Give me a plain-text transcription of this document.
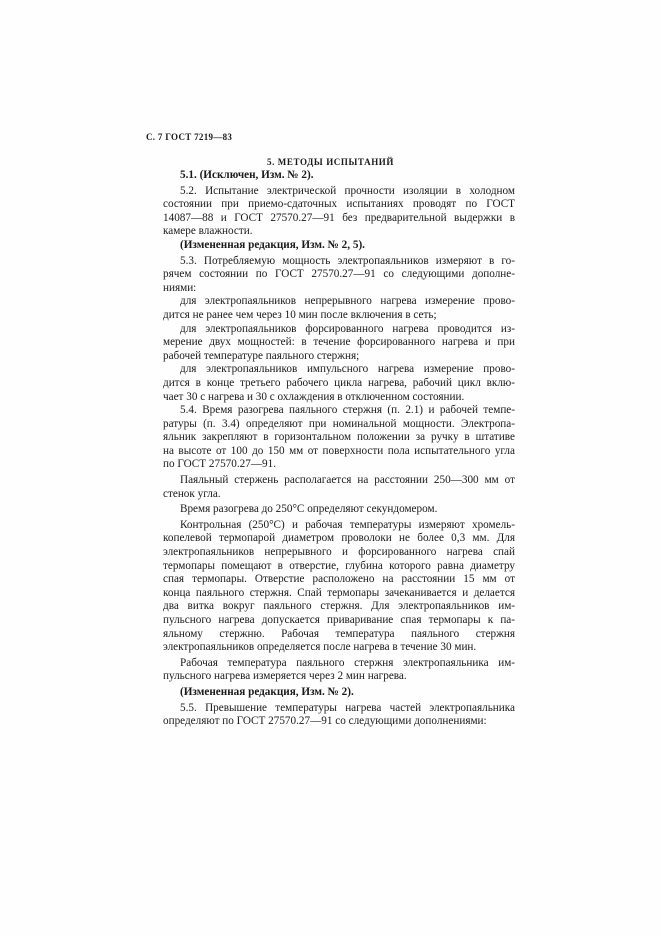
С. 7 ГОСТ 7219—83
5. МЕТОДЫ ИСПЫТАНИЙ
5.1. (Исключен, Изм. № 2).
5.2. Испытание электрической прочности изоляции в холодном
состоянии при приемо-сдаточных испытаниях проводят по ГОСТ
14087—88 и ГОСТ 27570.27—91 без предварительной выдержки в
камере влажности.
(Измененная редакция, Изм. № 2, 5).
5.3. Потребляемую мощность электропаяльников измеряют в го-
рячем состоянии по ГОСТ 27570.27—91 со следующими дополне-
ниями:
для электропаяльников непрерывного нагрева измерение прово-
дится не ранее чем через 10 мин после включения в сеть;
для электропаяльников форсированного нагрева проводится из-
мерение двух мощностей: в течение форсированного нагрева и при
рабочей температуре паяльного стержня;
для электропаяльников импульсного нагрева измерение прово-
дится в конце третьего рабочего цикла нагрева, рабочий цикл вклю-
чает 30 с нагрева и 30 с охлаждения в отключенном состоянии.
5.4. Время разогрева паяльного стержня (п. 2.1) и рабочей темпе-
ратуры (п. 3.4) определяют при номинальной мощности. Электропа-
яльник закрепляют в горизонтальном положении за ручку в штативе
на высоте от 100 до 150 мм от поверхности пола испытательного угла
по ГОСТ 27570.27—91.
Паяльный стержень располагается на расстоянии 250—300 мм от
стенок угла.
Время разогрева до 250°С определяют секундомером.
Контрольная (250°С) и рабочая температуры измеряют хромель-
копелевой термопарой диаметром проволоки не более 0,3 мм. Для
электропаяльников непрерывного и форсированного нагрева спай
термопары помещают в отверстие, глубина которого равна диаметру
спая термопары. Отверстие расположено на расстоянии 15 мм от
конца паяльного стержня. Спай термопары зачеканивается и делается
два витка вокруг паяльного стержня. Для электропаяльников им-
пульсного нагрева допускается приваривание спая термопары к па-
яльному стержню. Рабочая температура паяльного стержня
электропаяльников определяется после нагрева в течение 30 мин.
Рабочая температура паяльного стержня электропаяльника им-
пульсного нагрева измеряется через 2 мин нагрева.
(Измененная редакция, Изм. № 2).
5.5. Превышение температуры нагрева частей электропаяльника
определяют по ГОСТ 27570.27—91 со следующими дополнениями:
